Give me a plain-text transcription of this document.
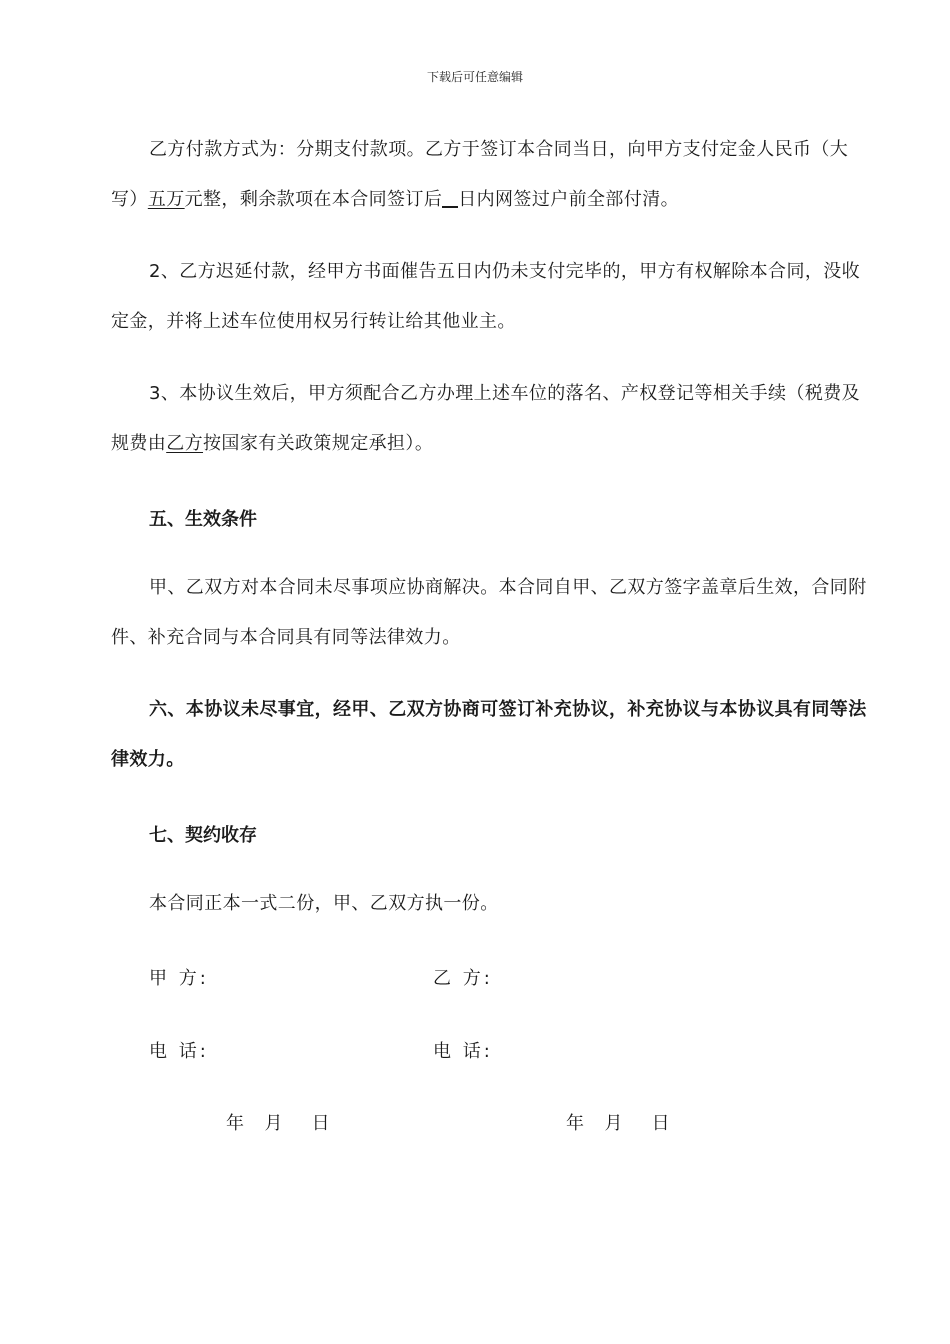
下载后可任意编辑

乙方付款方式为：分期支付款项。乙方于签订本合同当日，向甲方支付定金人民币（大写）五万元整，剩余款项在本合同签订后 日内网签过户前全部付清。

2、乙方迟延付款，经甲方书面催告五日内仍未支付完毕的，甲方有权解除本合同，没收定金，并将上述车位使用权另行转让给其他业主。

3、本协议生效后，甲方须配合乙方办理上述车位的落名、产权登记等相关手续（税费及规费由乙方按国家有关政策规定承担）。

五、生效条件

甲、乙双方对本合同未尽事项应协商解决。本合同自甲、乙双方签字盖章后生效，合同附件、补充合同与本合同具有同等法律效力。

六、本协议未尽事宜，经甲、乙双方协商可签订补充协议，补充协议与本协议具有同等法律效力。

七、契约收存

本合同正本一式二份，甲、乙双方执一份。

甲 方:	乙 方:
电 话:	电 话:
年  月   日	年  月   日
